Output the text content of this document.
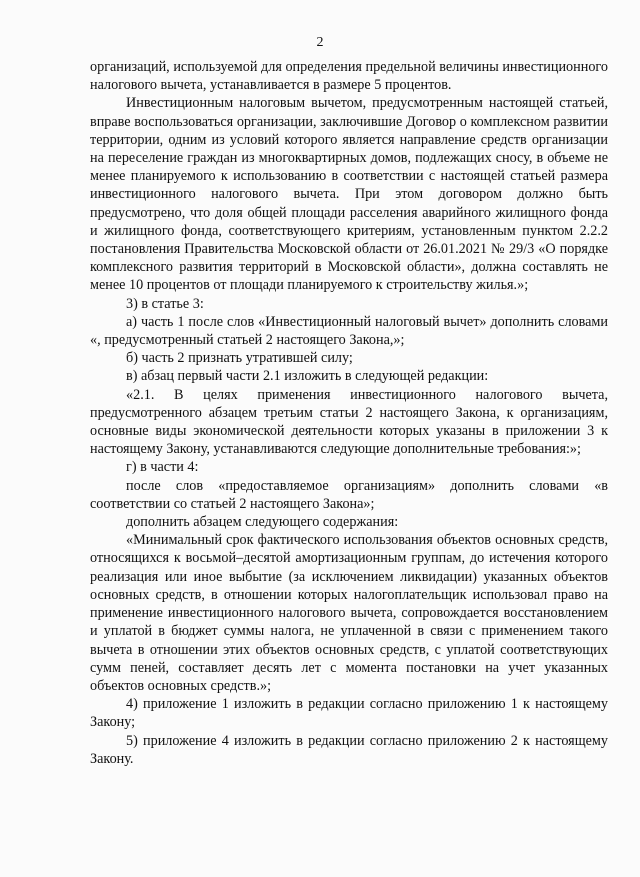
2

организаций, используемой для определения предельной величины инвестиционного налогового вычета, устанавливается в размере 5 процентов.

Инвестиционным налоговым вычетом, предусмотренным настоящей статьей, вправе воспользоваться организации, заключившие Договор о комплексном развитии территории, одним из условий которого является направление средств организации на переселение граждан из многоквартирных домов, подлежащих сносу, в объеме не менее планируемого к использованию в соответствии с настоящей статьей размера инвестиционного налогового вычета. При этом договором должно быть предусмотрено, что доля общей площади расселения аварийного жилищного фонда и жилищного фонда, соответствующего критериям, установленным пунктом 2.2.2 постановления Правительства Московской области от 26.01.2021 № 29/3 «О порядке комплексного развития территорий в Московской области», должна составлять не менее 10 процентов от площади планируемого к строительству жилья.»;

3) в статье 3:

а) часть 1 после слов «Инвестиционный налоговый вычет» дополнить словами «, предусмотренный статьей 2 настоящего Закона,»;

б) часть 2 признать утратившей силу;

в) абзац первый части 2.1 изложить в следующей редакции:

«2.1. В целях применения инвестиционного налогового вычета, предусмотренного абзацем третьим статьи 2 настоящего Закона, к организациям, основные виды экономической деятельности которых указаны в приложении 3 к настоящему Закону, устанавливаются следующие дополнительные требования:»;

г) в части 4:

после слов «предоставляемое организациям» дополнить словами «в соответствии со статьей 2 настоящего Закона»;

дополнить абзацем следующего содержания:

«Минимальный срок фактического использования объектов основных средств, относящихся к восьмой–десятой амортизационным группам, до истечения которого реализация или иное выбытие (за исключением ликвидации) указанных объектов основных средств, в отношении которых налогоплательщик использовал право на применение инвестиционного налогового вычета, сопровождается восстановлением и уплатой в бюджет суммы налога, не уплаченной в связи с применением такого вычета в отношении этих объектов основных средств, с уплатой соответствующих сумм пеней, составляет десять лет с момента постановки на учет указанных объектов основных средств.»;

4) приложение 1 изложить в редакции согласно приложению 1 к настоящему Закону;

5) приложение 4 изложить в редакции согласно приложению 2 к настоящему Закону.
